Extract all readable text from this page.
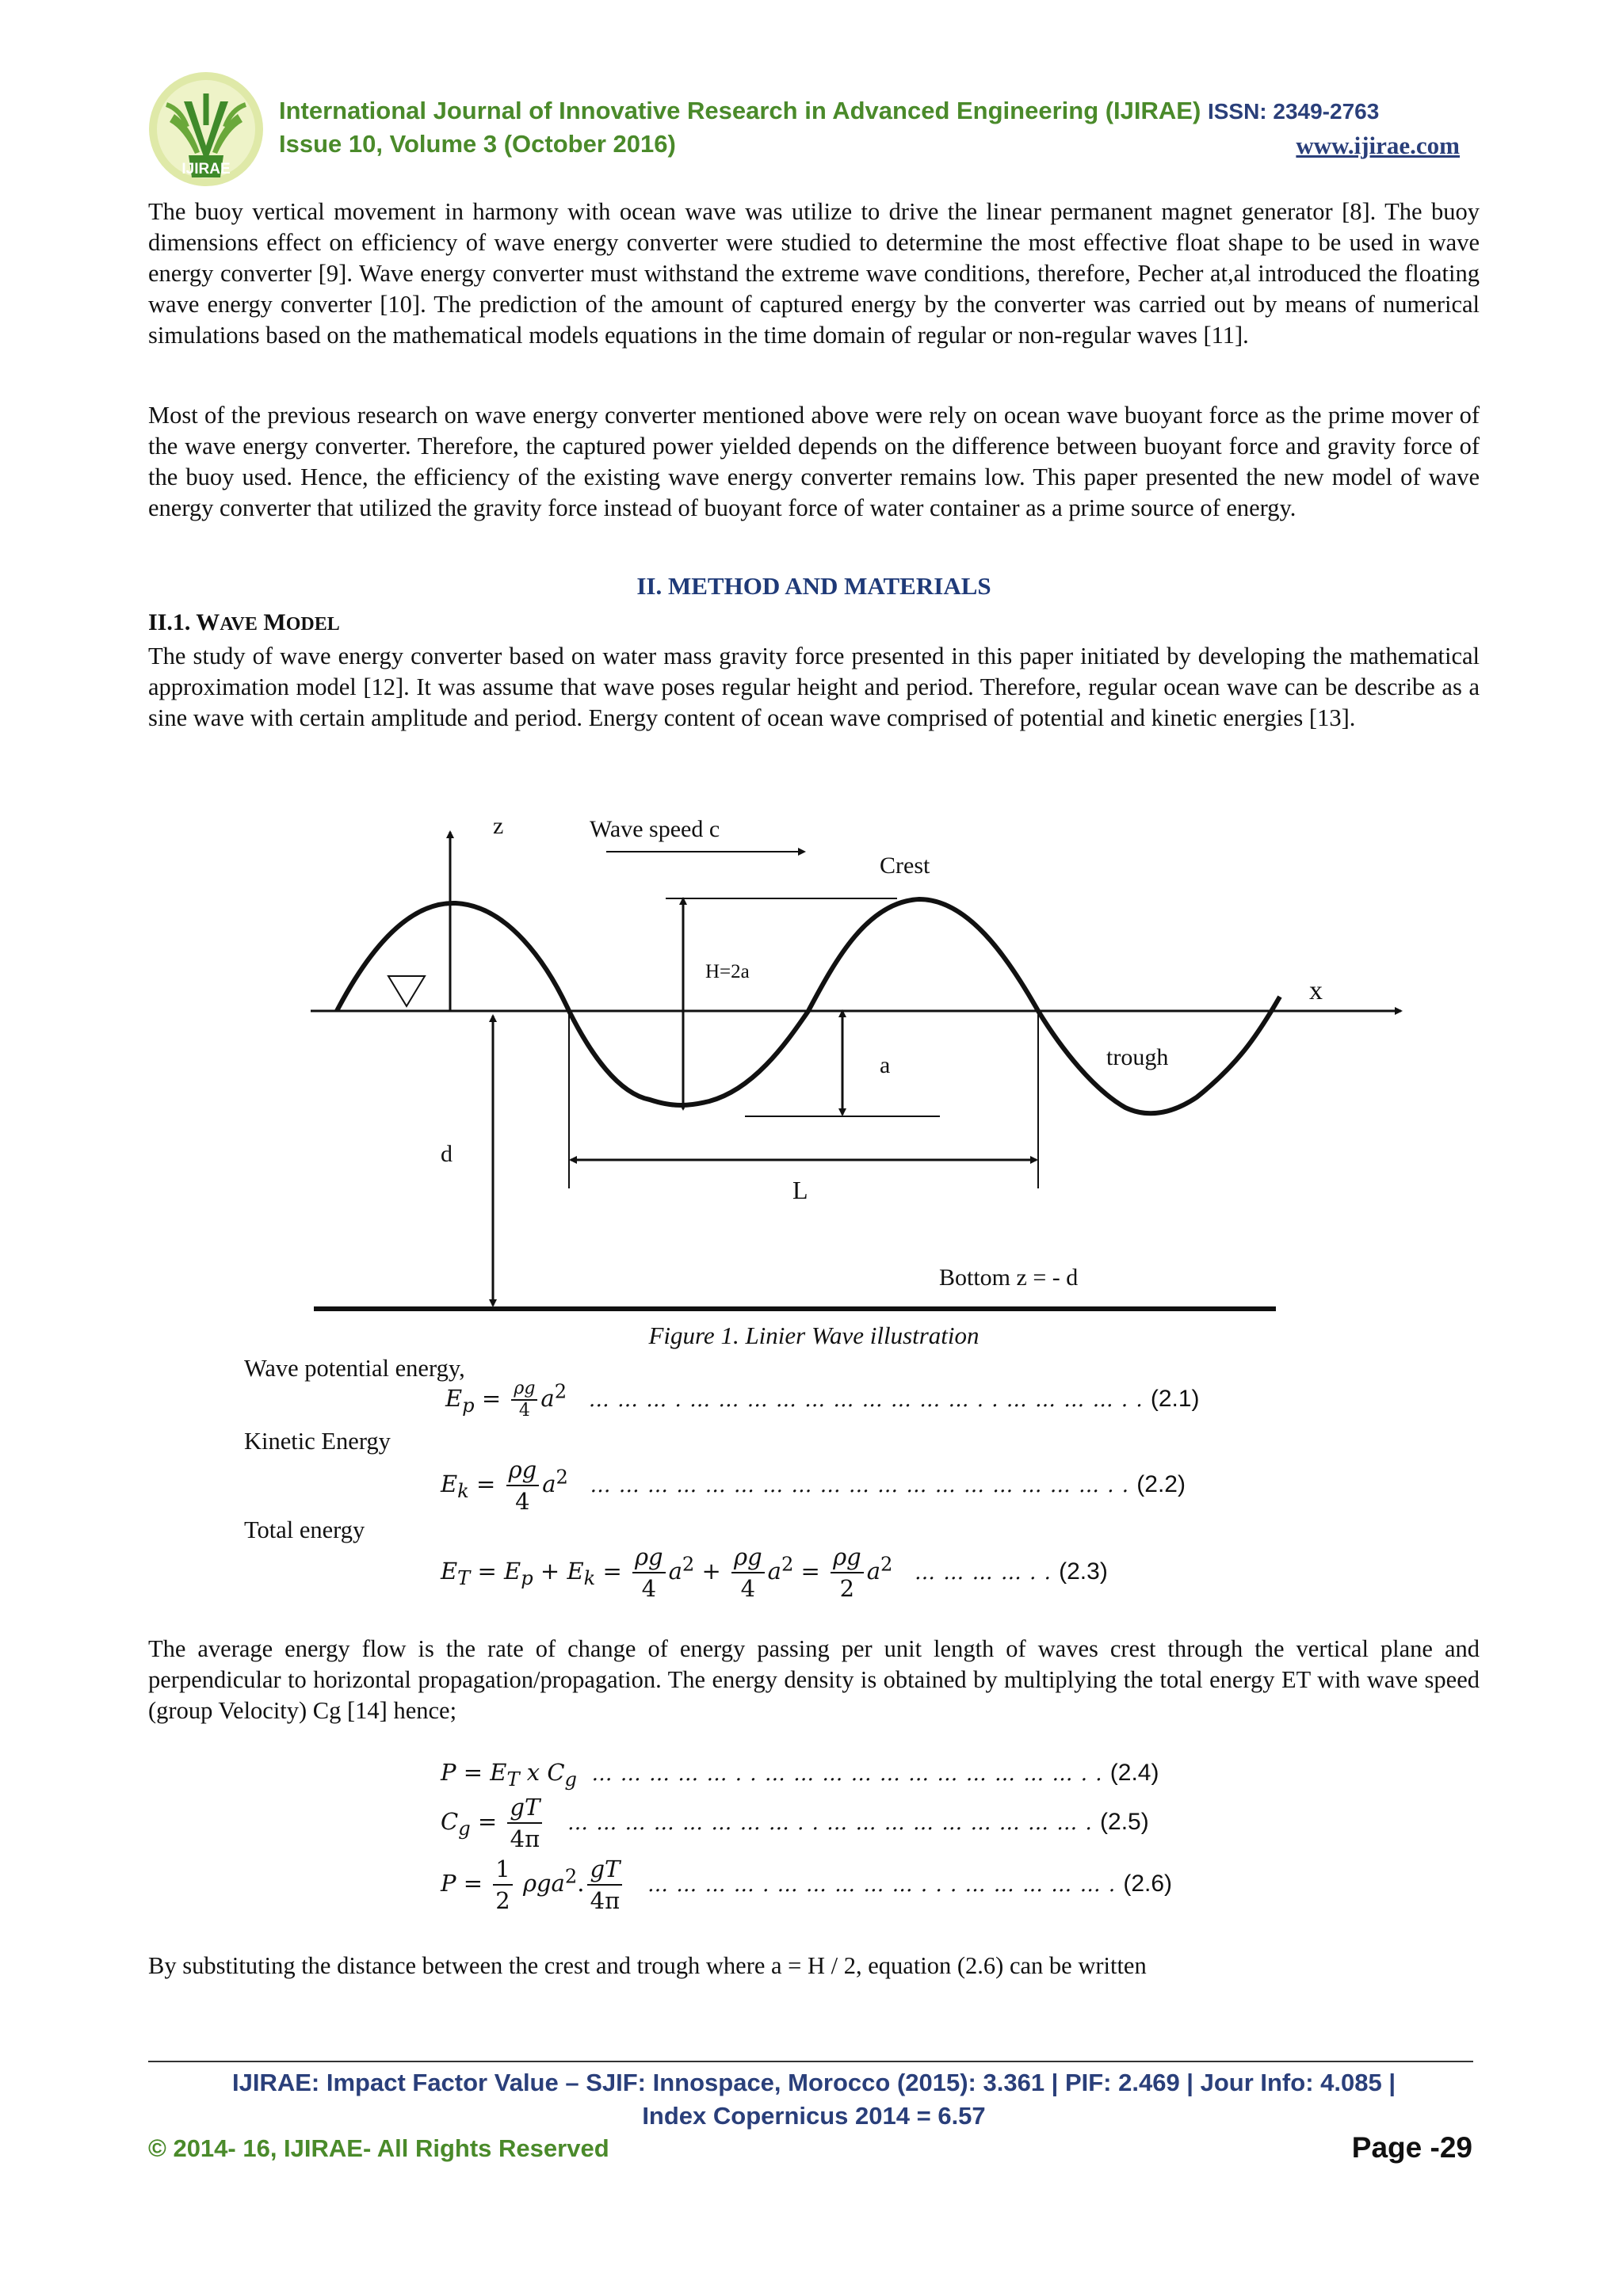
IJIRAE
International Journal of Innovative Research in Advanced Engineering (IJIRAE) ISSN: 2349-2763
Issue 10, Volume 3 (October 2016)	www.ijirae.com
The buoy vertical movement in harmony with ocean wave was utilize to drive the linear permanent magnet generator [8]. The buoy dimensions effect on efficiency of wave energy converter were studied to determine the most effective float shape to be used in wave energy converter [9]. Wave energy converter must withstand the extreme wave conditions, therefore, Pecher at,al introduced the floating wave energy converter [10]. The prediction of the amount of captured energy by the converter was carried out by means of numerical simulations based on the mathematical models equations in the time domain of regular or non-regular waves [11].
Most of the previous research on wave energy converter mentioned above were rely on ocean wave buoyant force as the prime mover of the wave energy converter. Therefore, the captured power yielded depends on the difference between buoyant force and gravity force of the buoy used. Hence, the efficiency of the existing wave energy converter remains low. This paper presented the new model of wave energy converter that utilized the gravity force instead of buoyant force of water container as a prime source of energy.
II. METHOD AND MATERIALS
II.1. WAVE MODEL
The study of wave energy converter based on water mass gravity force presented in this paper initiated by developing the mathematical approximation model [12]. It was assume that wave poses regular height and period. Therefore, regular ocean wave can be describe as a sine wave with certain amplitude and period. Energy content of ocean wave comprised of potential and kinetic energies [13].
z	Wave speed c
Crest
H=2a
x
a	trough
d
L
Bottom z = - d
Figure 1. Linier Wave illustration
Wave potential energy,
$E_p = \frac{\rho g}{4} a^2$ … … … . … … … … … … … … … … . . … … … … . . (2.1)
Kinetic Energy
$E_k = \frac{\rho g}{4} a^2$ … … … … … … … … … … … … … … … … … … . . (2.2)
Total energy
$E_T = E_p + E_k = \frac{\rho g}{4} a^2 + \frac{\rho g}{4} a^2 = \frac{\rho g}{2} a^2$ … … … … . . (2.3)
The average energy flow is the rate of change of energy passing per unit length of waves crest through the vertical plane and perpendicular to horizontal propagation/propagation. The energy density is obtained by multiplying the total energy ET with wave speed (group Velocity) Cg [14] hence;
$P = E_T$ x $C_g$ … … … … … . . … … … … … … … … … … … . . (2.4)
$C_g = \frac{gT}{4\pi}$ … … … … … … … … . . … … … … … … … … … . (2.5)
$P = \frac{1}{2} \rho ga^2$. $\frac{gT}{4\pi}$ … … … … . … … … … … . . . … … … … … . (2.6)
By substituting the distance between the crest and trough where a = H / 2, equation (2.6) can be written
IJIRAE: Impact Factor Value – SJIF: Innospace, Morocco (2015): 3.361 | PIF: 2.469 | Jour Info: 4.085 |
Index Copernicus 2014 = 6.57
© 2014- 16, IJIRAE- All Rights Reserved	Page -29
